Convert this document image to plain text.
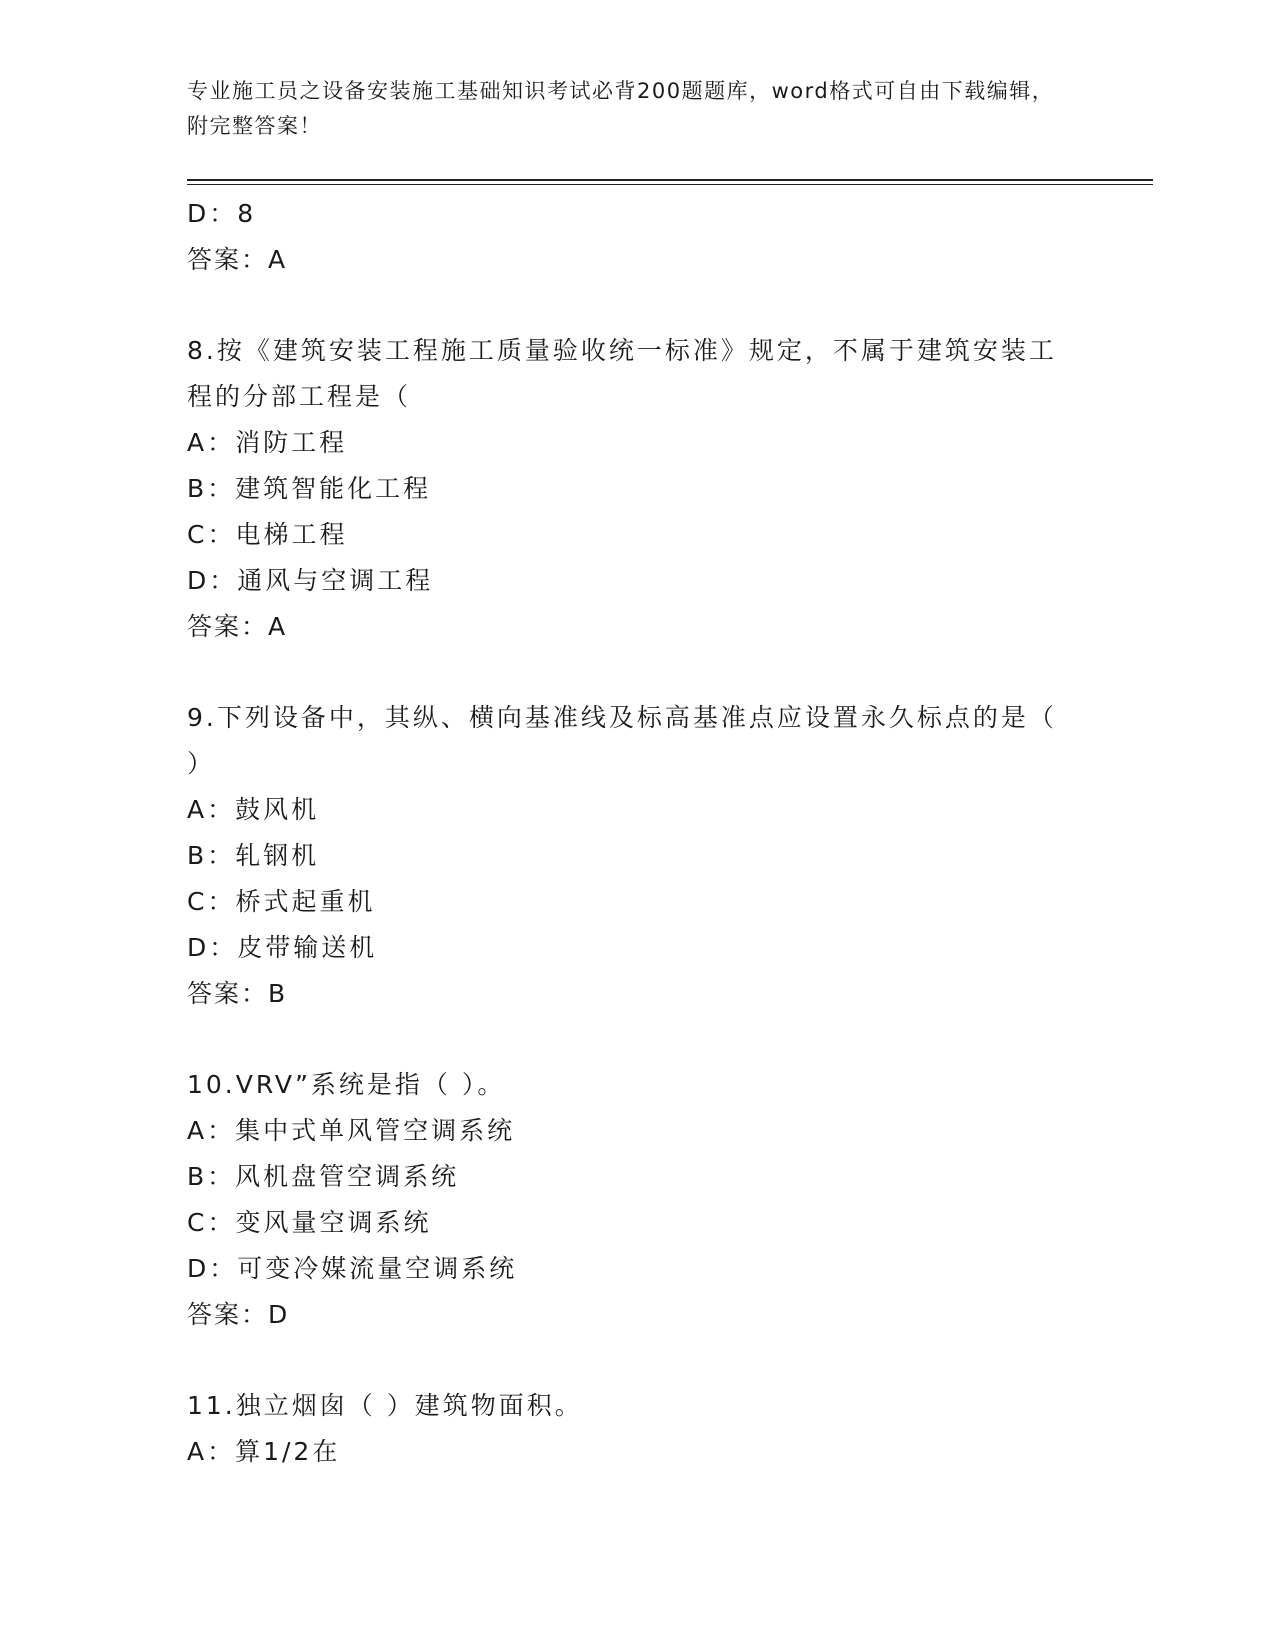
专业施工员之设备安装施工基础知识考试必背200题题库，word格式可自由下载编辑，附完整答案！
D：8
答案：A
8.按《建筑安装工程施工质量验收统一标准》规定，不属于建筑安装工程的分部工程是（
A：消防工程
B：建筑智能化工程
C：电梯工程
D：通风与空调工程
答案：A
9.下列设备中，其纵、横向基准线及标高基准点应设置永久标点的是（ ）
A：鼓风机
B：轧钢机
C：桥式起重机
D：皮带输送机
答案：B
10.VRV”系统是指（ ）。
A：集中式单风管空调系统
B：风机盘管空调系统
C：变风量空调系统
D：可变冷媒流量空调系统
答案：D
11.独立烟囱（ ）建筑物面积。
A：算1/2在
